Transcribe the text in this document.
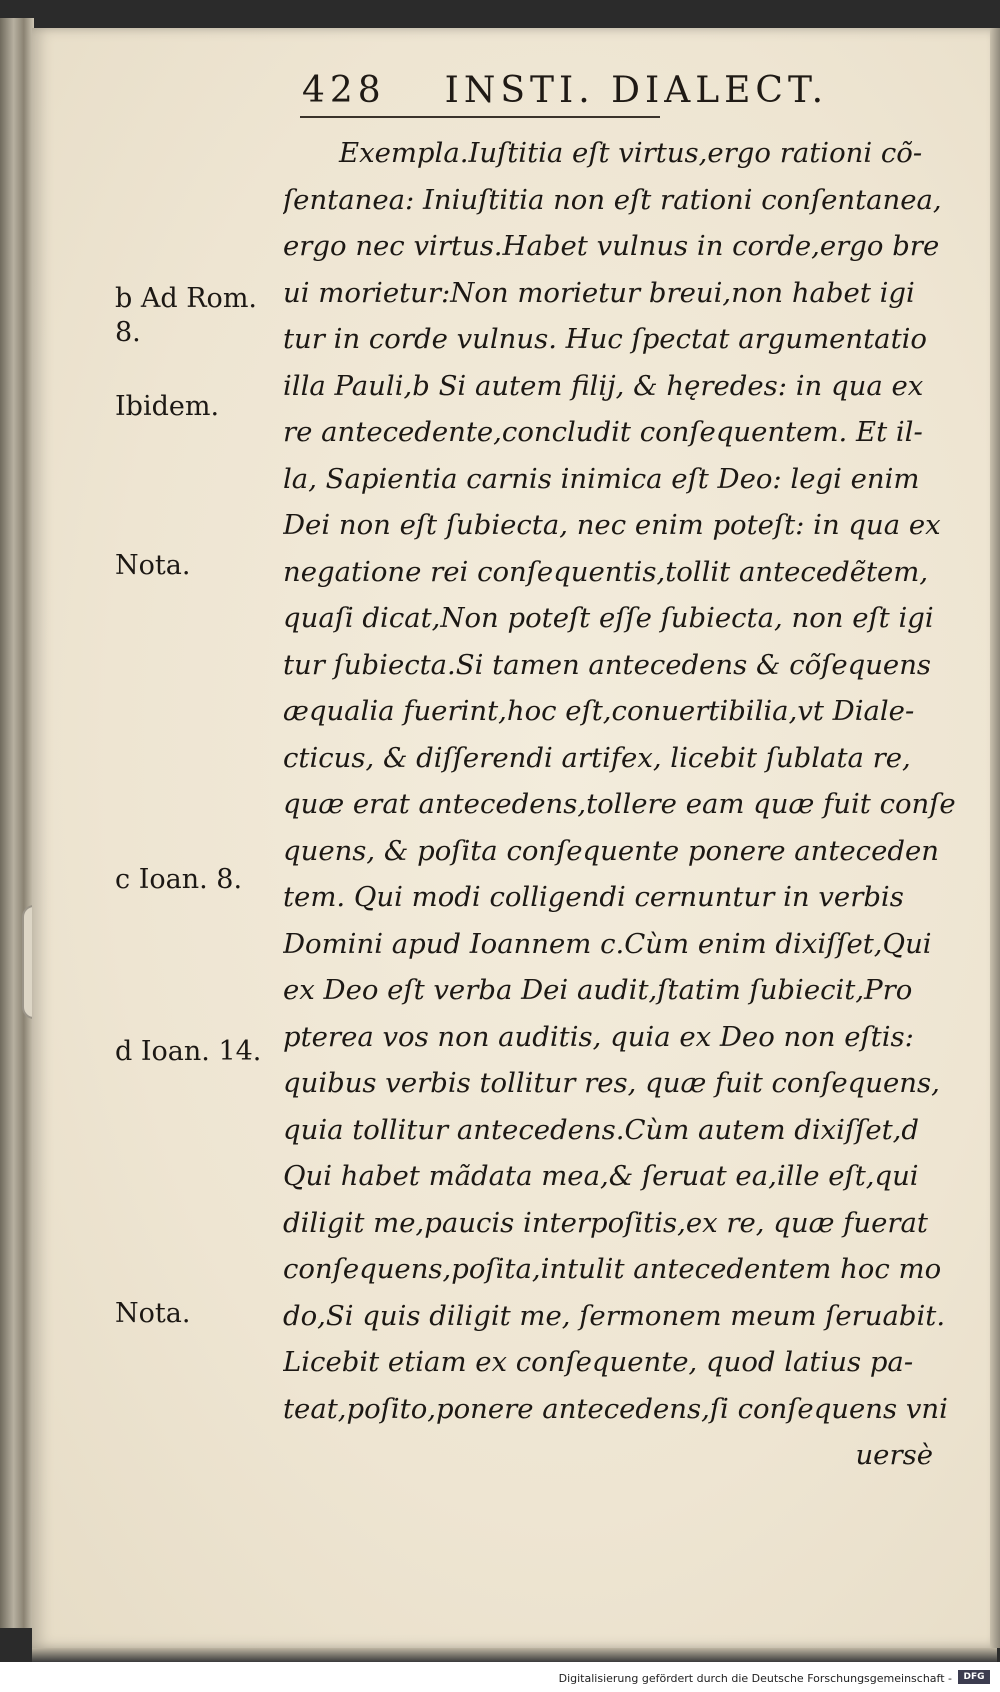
428 INSTI. DIALECT.
Exempla.Iuſtitia eſt virtus,ergo rationi cõ-
ſentanea: Iniuſtitia non eſt rationi conſentanea,
ergo nec virtus.Habet vulnus in corde,ergo bre
ui morietur:Non morietur breui,non habet igi
tur in corde vulnus. Huc ſpectat argumentatio
illa Pauli,b Si autem filij, & hęredes: in qua ex
re antecedente,concludit conſequentem. Et il-
la, Sapientia carnis inimica eſt Deo: legi enim
Dei non eſt ſubiecta, nec enim poteſt: in qua ex
negatione rei conſequentis,tollit antecedẽtem,
quaſi dicat,Non poteſt eſſe ſubiecta, non eſt igi
tur ſubiecta.Si tamen antecedens & cõſequens
æqualia fuerint,hoc eſt,conuertibilia,vt Diale-
cticus, & diſſerendi artifex, licebit ſublata re,
quæ erat antecedens,tollere eam quæ fuit conſe
quens, & poſita conſequente ponere anteceden
tem. Qui modi colligendi cernuntur in verbis
Domini apud Ioannem c.Cùm enim dixiſſet,Qui
ex Deo eſt verba Dei audit,ſtatim ſubiecit,Pro
pterea vos non auditis, quia ex Deo non eſtis:
quibus verbis tollitur res, quæ fuit conſequens,
quia tollitur antecedens.Cùm autem dixiſſet,d
Qui habet mãdata mea,& ſeruat ea,ille eſt,qui
diligit me,paucis interpoſitis,ex re, quæ fuerat
conſequens,poſita,intulit antecedentem hoc mo
do,Si quis diligit me, ſermonem meum ſeruabit.
Licebit etiam ex conſequente, quod latius pa-
teat,poſito,ponere antecedens,ſi conſequens vni
uersè
b Ad Rom.
8.
Ibidem.
Nota.
c Ioan. 8.
d Ioan. 14.
Nota.
Digitalisierung gefördert durch die Deutsche Forschungsgemeinschaft -	DFG
